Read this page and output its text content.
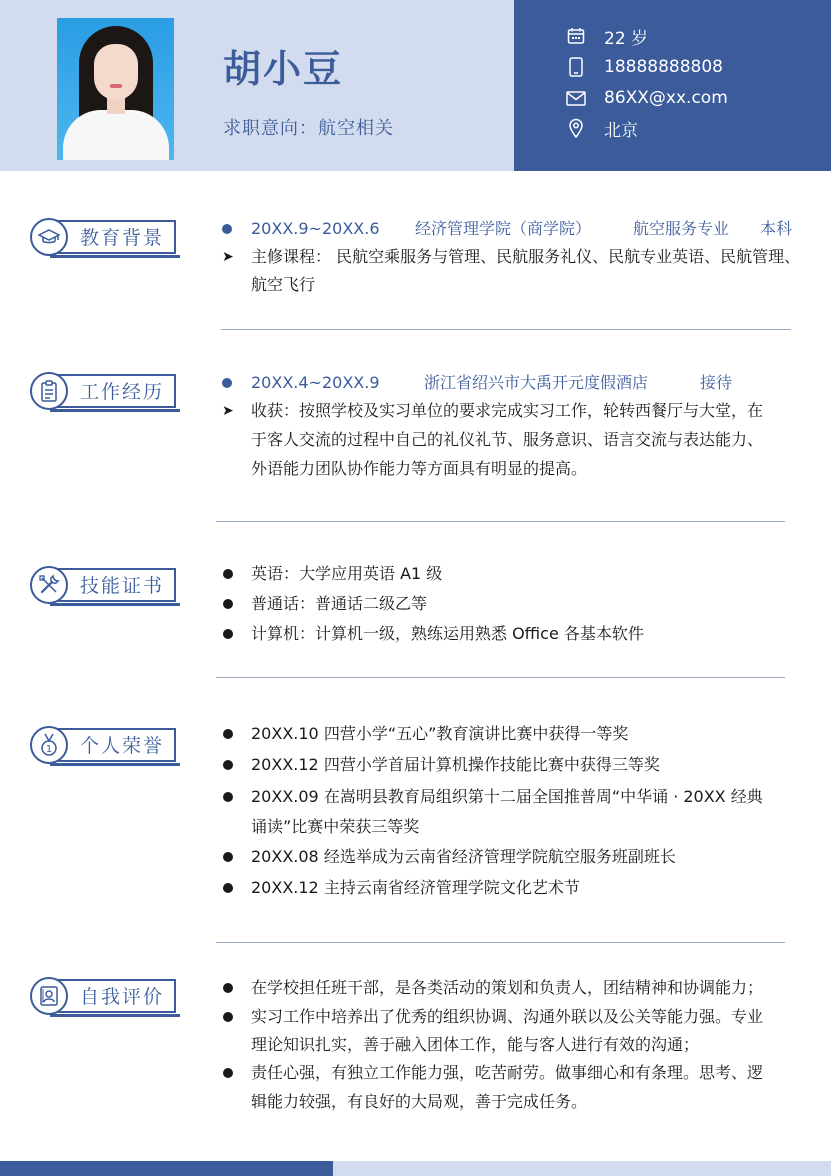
胡小豆
求职意向：航空相关
22 岁
18888888808
86XX@xx.com
北京
教育背景	20XX.9~20XX.6 经济管理学院（商学院）	航空服务专业 本科
➤ 主修课程： 民航空乘服务与管理、民航服务礼仪、民航专业英语、民航管理、
航空飞行
工作经历	20XX.4~20XX.9	浙江省绍兴市大禹开元度假酒店	接待
➤ 收获：按照学校及实习单位的要求完成实习工作，轮转西餐厅与大堂，在
于客人交流的过程中自己的礼仪礼节、服务意识、语言交流与表达能力、
外语能力团队协作能力等方面具有明显的提高。
技能证书
英语：大学应用英语 A1 级
普通话：普通话二级乙等
计算机：计算机一级，熟练运用熟悉 Office 各基本软件
1 个人荣誉
20XX.10 四营小学“五心”教育演讲比赛中获得一等奖
20XX.12 四营小学首届计算机操作技能比赛中获得三等奖
20XX.09 在嵩明县教育局组织第十二届全国推普周“中华诵 · 20XX 经典
诵读”比赛中荣获三等奖
20XX.08 经选举成为云南省经济管理学院航空服务班副班长
20XX.12 主持云南省经济管理学院文化艺术节
自我评价	在学校担任班干部，是各类活动的策划和负责人，团结精神和协调能力；
实习工作中培养出了优秀的组织协调、沟通外联以及公关等能力强。专业
理论知识扎实，善于融入团体工作，能与客人进行有效的沟通；
责任心强，有独立工作能力强，吃苦耐劳。做事细心和有条理。思考、逻
辑能力较强，有良好的大局观，善于完成任务。
